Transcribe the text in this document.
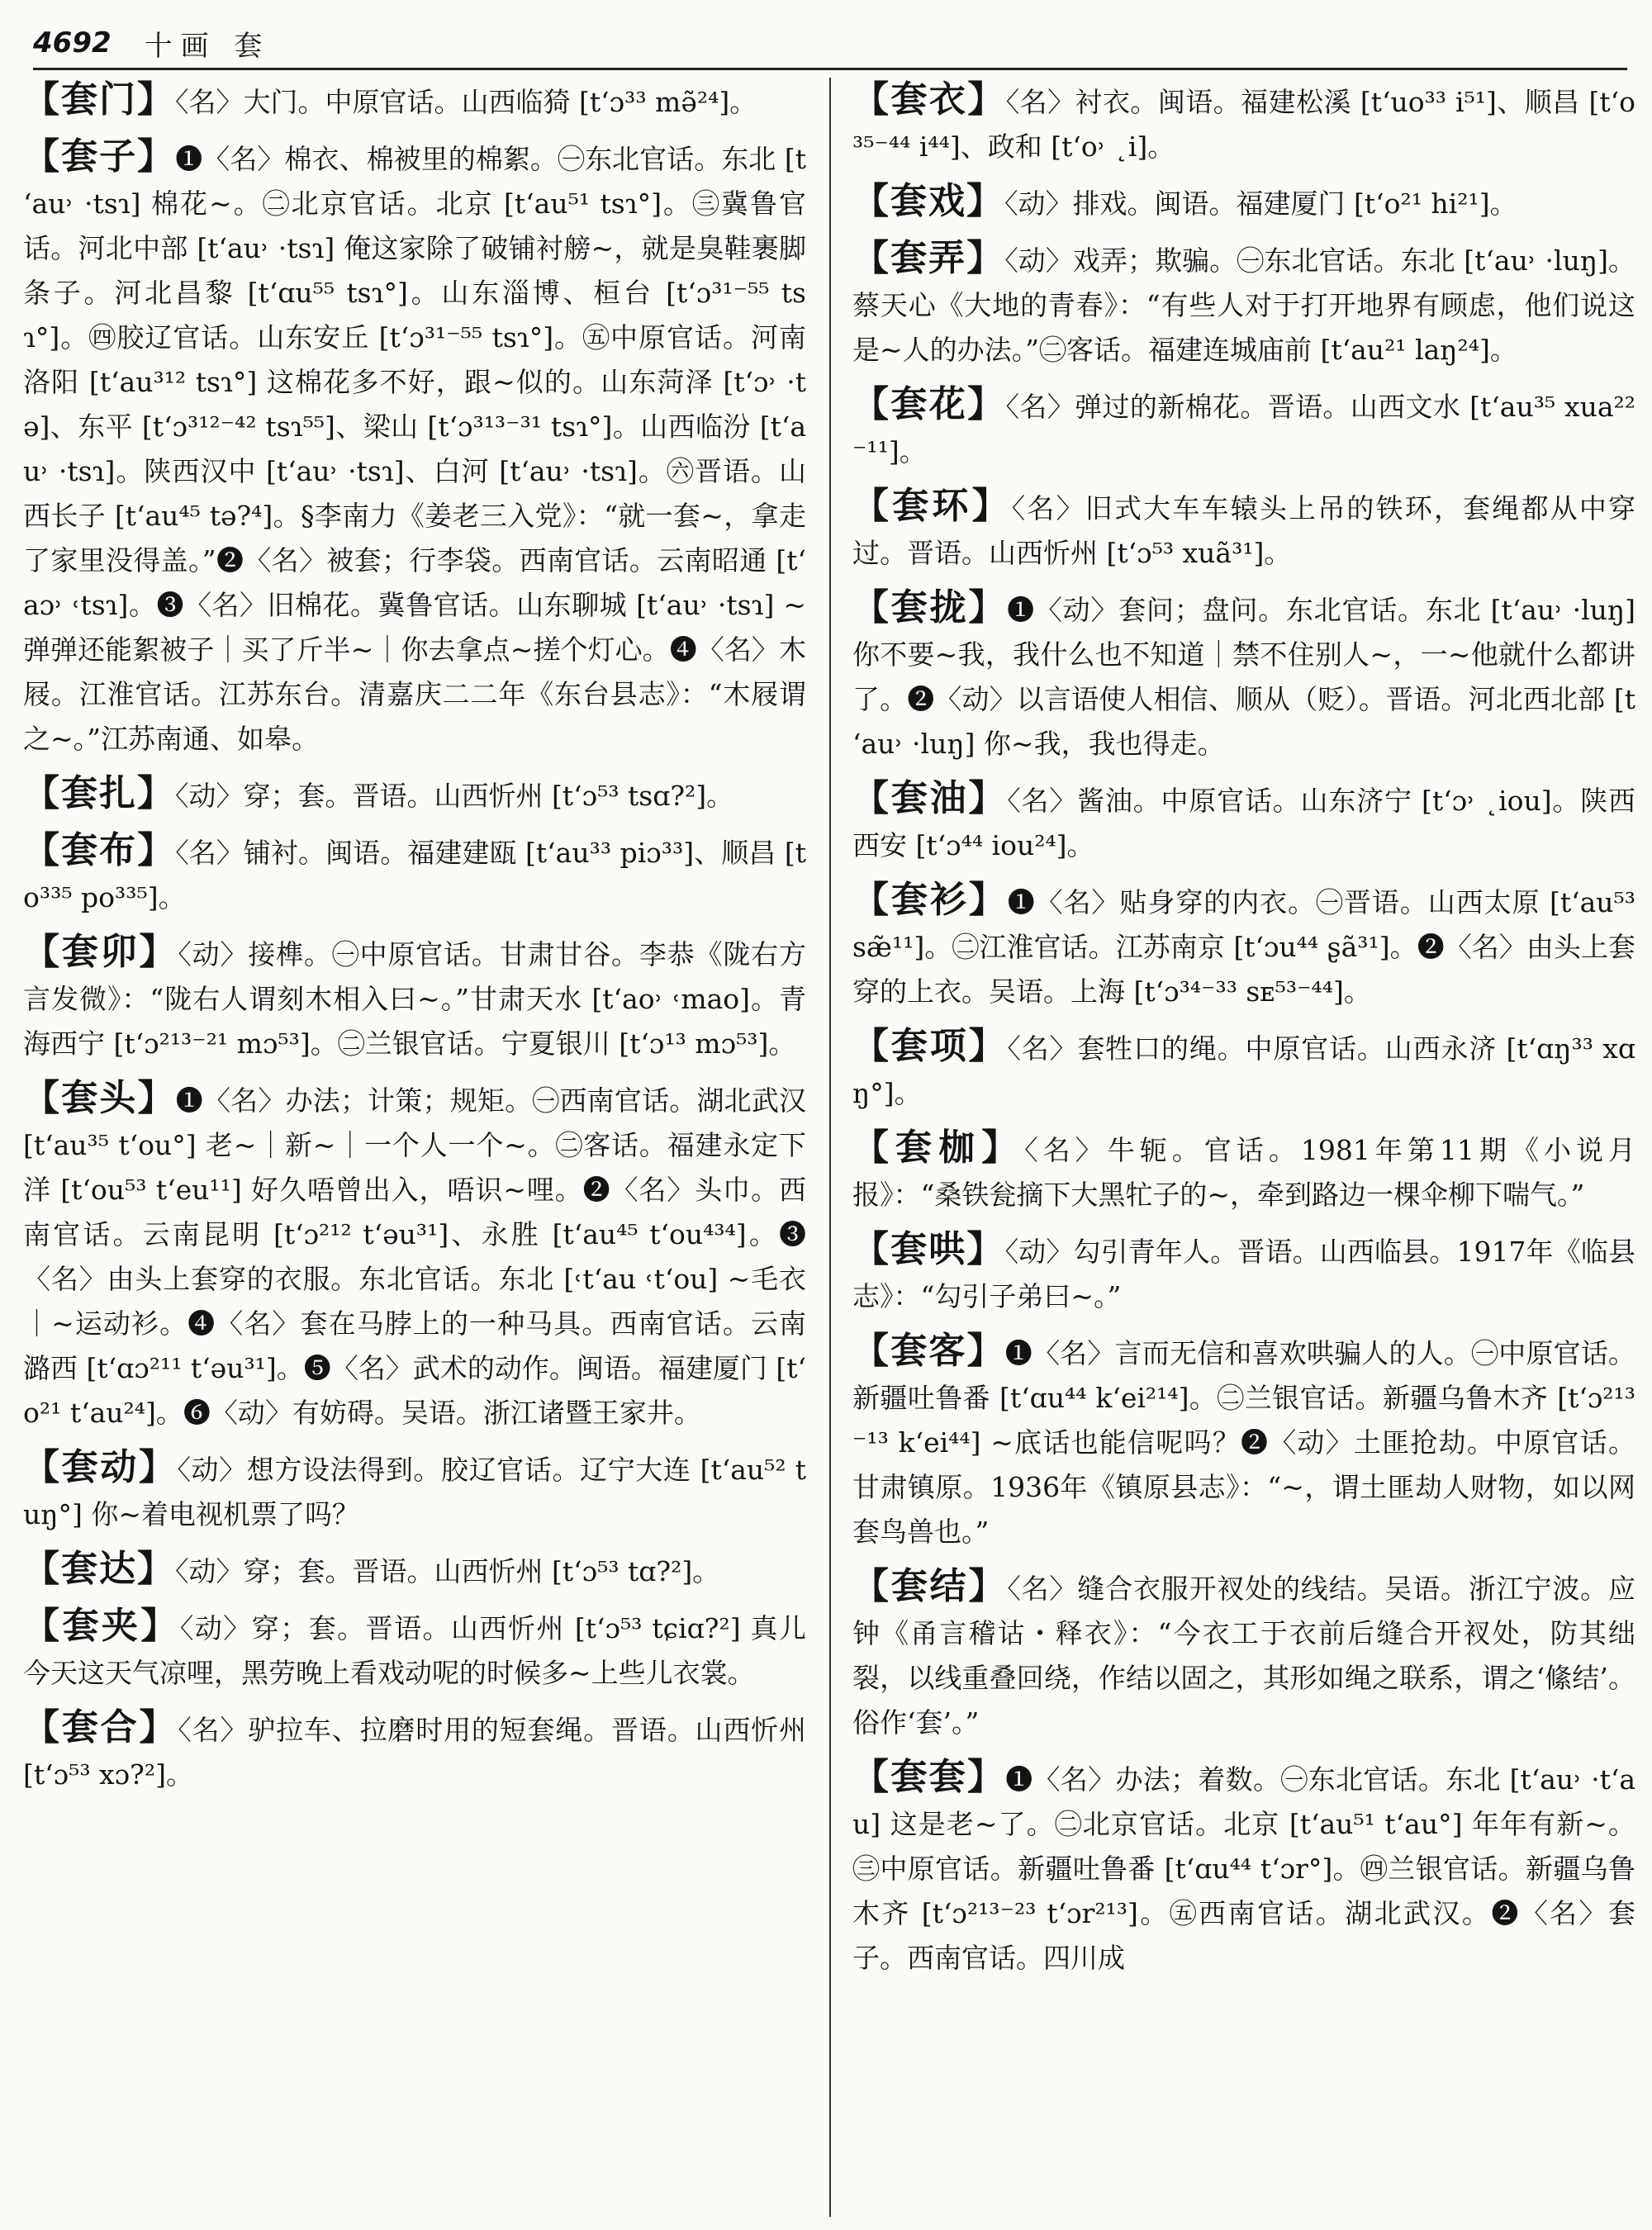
4692 十画 套

【 套门 】 〈名〉大门。中原官话。山西临猗 [tʻɔ³³ mə̃²⁴]。

【 套子 】 ❶〈名〉棉衣、棉被里的棉絮。㊀东北官话。东北 [tʻau˒ ·tsɿ] 棉花~。㊁北京官话。北京 [tʻau⁵¹ tsɿ°]。㊂冀鲁官话。河北中部 [tʻau˒ ·tsɿ] 俺这家除了破铺衬艕~，就是臭鞋裹脚条子。河北昌黎 [tʻɑu⁵⁵ tsɿ°]。山东淄博、桓台 [tʻɔ³¹⁻⁵⁵ tsɿ°]。㊃胶辽官话。山东安丘 [tʻɔ³¹⁻⁵⁵ tsɿ°]。㊄中原官话。河南洛阳 [tʻau³¹² tsɿ°] 这棉花多不好，跟~似的。山东菏泽 [tʻɔ˒ ·tə]、东平 [tʻɔ³¹²⁻⁴² tsɿ⁵⁵]、梁山 [tʻɔ³¹³⁻³¹ tsɿ°]。山西临汾 [tʻau˒ ·tsɿ]。陕西汉中 [tʻau˒ ·tsɿ]、白河 [tʻau˒ ·tsɿ]。㊅晋语。山西长子 [tʻau⁴⁵ tə?⁴]。§李南力《姜老三入党》：“就一套~，拿走了家里没得盖。”❷〈名〉被套；行李袋。西南官话。云南昭通 [tʻaɔ˒ ˓tsɿ]。❸〈名〉旧棉花。冀鲁官话。山东聊城 [tʻau˒ ·tsɿ] ~弹弹还能絮被子｜买了斤半~｜你去拿点~搓个灯心。❹〈名〉木屐。江淮官话。江苏东台。清嘉庆二二年《东台县志》：“木屐谓之~。”江苏南通、如皋。

【 套扎 】 〈动〉穿；套。晋语。山西忻州 [tʻɔ⁵³ tsɑ?²]。

【 套布 】 〈名〉铺衬。闽语。福建建瓯 [tʻau³³ piɔ³³]、顺昌 [to³³⁵ po³³⁵]。

【 套卯 】 〈动〉接榫。㊀中原官话。甘肃甘谷。李恭《陇右方言发微》：“陇右人谓刻木相入曰~。”甘肃天水 [tʻao˒ ˓mao]。青海西宁 [tʻɔ²¹³⁻²¹ mɔ⁵³]。㊁兰银官话。宁夏银川 [tʻɔ¹³ mɔ⁵³]。

【 套头 】 ❶〈名〉办法；计策；规矩。㊀西南官话。湖北武汉 [tʻau³⁵ tʻou°] 老~｜新~｜一个人一个~。㊁客话。福建永定下洋 [tʻou⁵³ tʻeu¹¹] 好久唔曾出入，唔识~哩。❷〈名〉头巾。西南官话。云南昆明 [tʻɔ²¹² tʻəu³¹]、永胜 [tʻau⁴⁵ tʻou⁴³⁴]。❸〈名〉由头上套穿的衣服。东北官话。东北 [˓tʻau ˓tʻou] ~毛衣｜~运动衫。❹〈名〉套在马脖上的一种马具。西南官话。云南潞西 [tʻɑɔ²¹¹ tʻəu³¹]。❺〈名〉武术的动作。闽语。福建厦门 [tʻo²¹ tʻau²⁴]。❻〈动〉有妨碍。吴语。浙江诸暨王家井。

【 套动 】 〈动〉想方设法得到。胶辽官话。辽宁大连 [tʻau⁵² tuŋ°] 你~着电视机票了吗？

【 套达 】 〈动〉穿；套。晋语。山西忻州 [tʻɔ⁵³ tɑ?²]。

【 套夹 】 〈动〉穿；套。晋语。山西忻州 [tʻɔ⁵³ tɕiɑ?²] 真儿今天这天气凉哩，黑劳晚上看戏动呢的时候多~上些儿衣裳。

【 套合 】 〈名〉驴拉车、拉磨时用的短套绳。晋语。山西忻州 [tʻɔ⁵³ xɔ?²]。

【 套衣 】 〈名〉衬衣。闽语。福建松溪 [tʻuo³³ i⁵¹]、顺昌 [tʻo³⁵⁻⁴⁴ i⁴⁴]、政和 [tʻo˒ ˛i]。

【 套戏 】 〈动〉排戏。闽语。福建厦门 [tʻo²¹ hi²¹]。

【 套弄 】 〈动〉戏弄；欺骗。㊀东北官话。东北 [tʻau˒ ·luŋ]。蔡天心《大地的青春》：“有些人对于打开地界有顾虑，他们说这是~人的办法。”㊁客话。福建连城庙前 [tʻau²¹ laŋ²⁴]。

【 套花 】 〈名〉弹过的新棉花。晋语。山西文水 [tʻau³⁵ xua²²⁻¹¹]。

【 套环 】 〈名〉旧式大车车辕头上吊的铁环，套绳都从中穿过。晋语。山西忻州 [tʻɔ⁵³ xuã³¹]。

【 套拢 】 ❶〈动〉套问；盘问。东北官话。东北 [tʻau˒ ·luŋ] 你不要~我，我什么也不知道｜禁不住别人~，一~他就什么都讲了。❷〈动〉以言语使人相信、顺从（贬）。晋语。河北西北部 [tʻau˒ ·luŋ] 你~我，我也得走。

【 套油 】 〈名〉酱油。中原官话。山东济宁 [tʻɔ˒ ˛iou]。陕西西安 [tʻɔ⁴⁴ iou²⁴]。

【 套衫 】 ❶〈名〉贴身穿的内衣。㊀晋语。山西太原 [tʻau⁵³ sæ̃¹¹]。㊁江淮官话。江苏南京 [tʻɔu⁴⁴ ʂã³¹]。❷〈名〉由头上套穿的上衣。吴语。上海 [tʻɔ³⁴⁻³³ sᴇ⁵³⁻⁴⁴]。

【 套项 】 〈名〉套牲口的绳。中原官话。山西永济 [tʻɑŋ³³ xɑŋ°]。

【 套枷 】 〈名〉牛轭。官话。1981年第11期《小说月报》：“桑铁瓮摘下大黑牤子的~，牵到路边一棵伞柳下喘气。”

【 套哄 】 〈动〉勾引青年人。晋语。山西临县。1917年《临县志》：“勾引子弟曰~。”

【 套客 】 ❶〈名〉言而无信和喜欢哄骗人的人。㊀中原官话。新疆吐鲁番 [tʻɑu⁴⁴ kʻei²¹⁴]。㊁兰银官话。新疆乌鲁木齐 [tʻɔ²¹³⁻¹³ kʻei⁴⁴] ~底话也能信呢吗？❷〈动〉土匪抢劫。中原官话。甘肃镇原。1936年《镇原县志》：“~，谓土匪劫人财物，如以网套鸟兽也。”

【 套结 】 〈名〉缝合衣服开衩处的线结。吴语。浙江宁波。应钟《甬言稽诂・释衣》：“今衣工于衣前后缝合开衩处，防其绌裂，以线重叠回绕，作结以固之，其形如绳之联系，谓之‘絛结’。俗作‘套’。”

【 套套 】 ❶〈名〉办法；着数。㊀东北官话。东北 [tʻau˒ ·tʻau] 这是老~了。㊁北京官话。北京 [tʻau⁵¹ tʻau°] 年年有新~。㊂中原官话。新疆吐鲁番 [tʻɑu⁴⁴ tʻɔr°]。㊃兰银官话。新疆乌鲁木齐 [tʻɔ²¹³⁻²³ tʻɔr²¹³]。㊄西南官话。湖北武汉。❷〈名〉套子。西南官话。四川成
